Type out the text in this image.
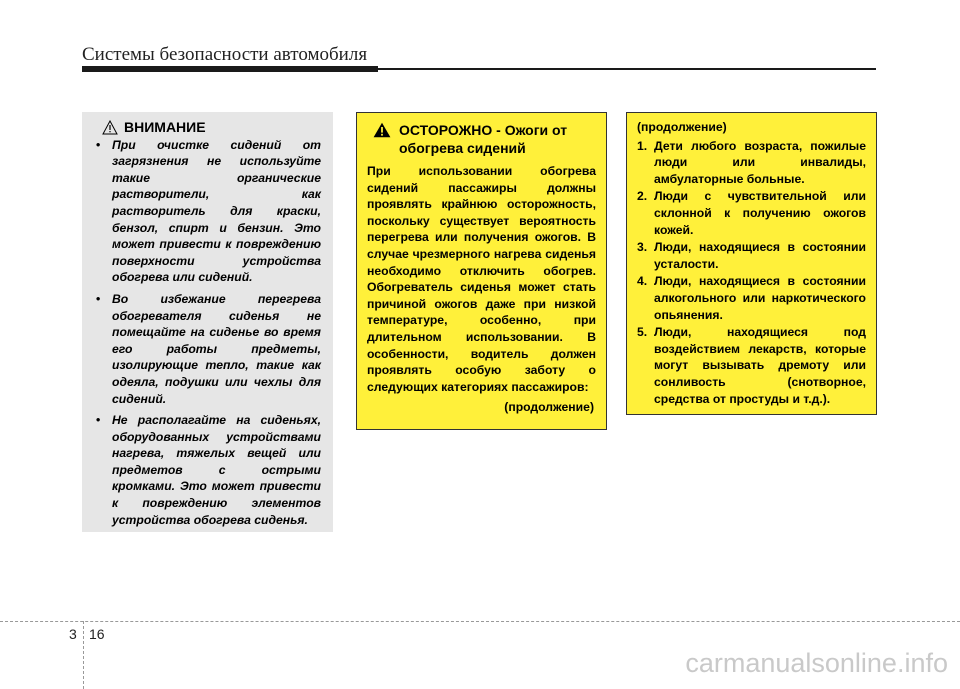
Системы безопасности автомобиля
ВНИМАНИЕ
• При очистке сидений от загрязнения не используйте такие органические растворители, как растворитель для краски, бензол, спирт и бензин. Это может привести к повреждению поверхности устройства обогрева или сидений.
• Во избежание перегрева обогревателя сиденья не помещайте на сиденье во время его работы предметы, изолирующие тепло, такие как одеяла, подушки или чехлы для сидений.
• Не располагайте на сиденьях, оборудованных устройствами нагрева, тяжелых вещей или предметов с острыми кромками. Это может привести к повреждению элементов устройства обогрева сиденья.
ОСТОРОЖНО - Ожоги от обогрева сидений
При использовании обогрева сидений пассажиры должны проявлять крайнюю осторожность, поскольку существует вероятность перегрева или получения ожогов. В случае чрезмерного нагрева сиденья необходимо отключить обогрев. Обогреватель сиденья может стать причиной ожогов даже при низкой температуре, особенно, при длительном использовании. В особенности, водитель должен проявлять особую заботу о следующих категориях пассажиров:
(продолжение)
(продолжение)
1. Дети любого возраста, пожилые люди или инвалиды, амбулаторные больные.
2. Люди с чувствительной или склонной к получению ожогов кожей.
3. Люди, находящиеся в состоянии усталости.
4. Люди, находящиеся в состоянии алкогольного или наркотического опьянения.
5. Люди, находящиеся под воздействием лекарств, которые могут вызывать дремоту или сонливость (снотворное, средства от простуды и т.д.).
3 16
carmanualsonline.info
